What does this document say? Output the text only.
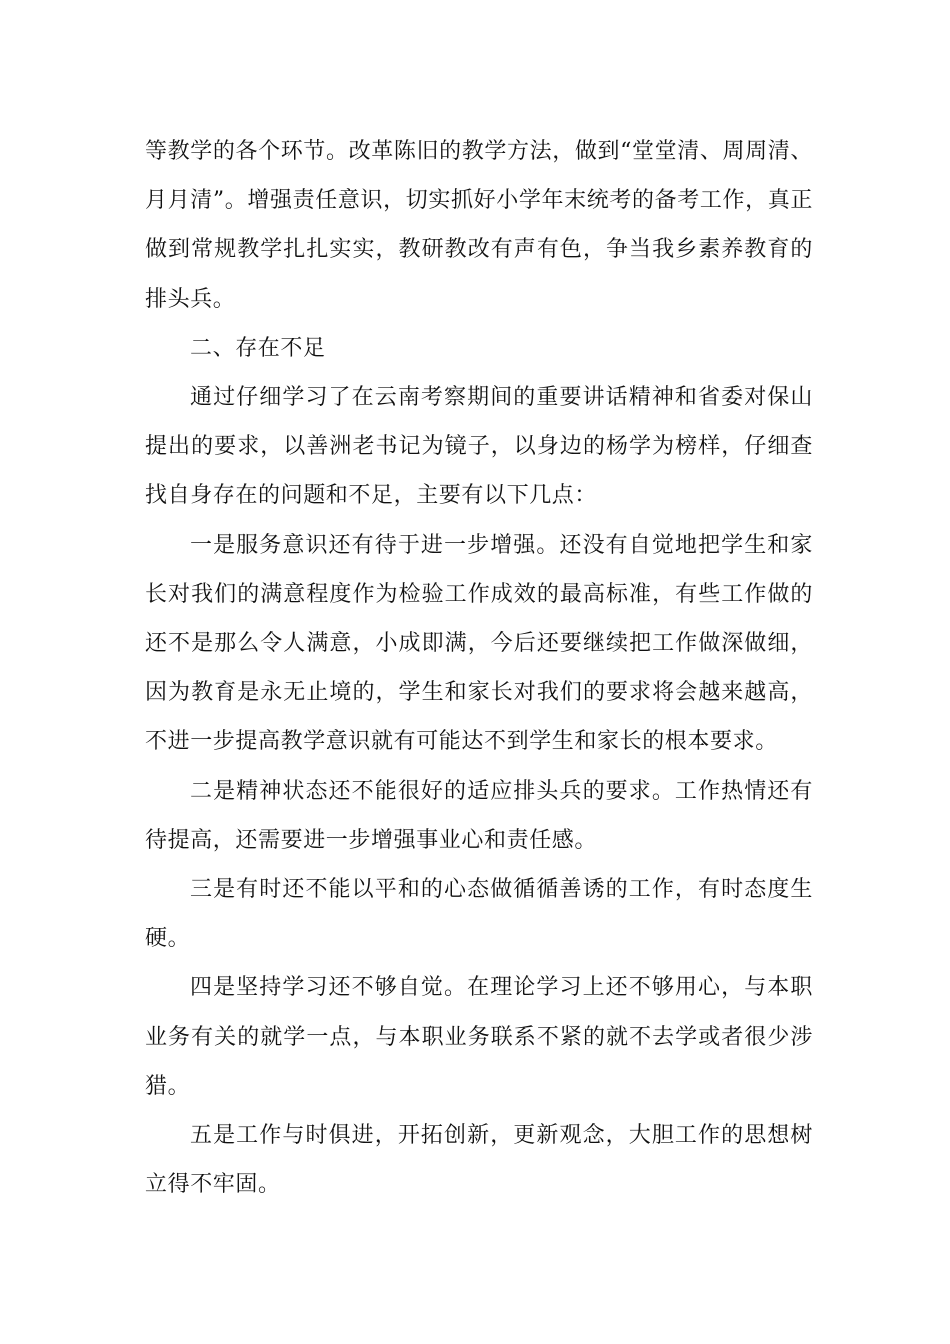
等教学的各个环节。改革陈旧的教学方法，做到“堂堂清、周周清、月月清”。增强责任意识，切实抓好小学年末统考的备考工作，真正做到常规教学扎扎实实，教研教改有声有色，争当我乡素养教育的排头兵。

二、存在不足

通过仔细学习了在云南考察期间的重要讲话精神和省委对保山提出的要求，以善洲老书记为镜子，以身边的杨学为榜样，仔细查找自身存在的问题和不足，主要有以下几点：

一是服务意识还有待于进一步增强。还没有自觉地把学生和家长对我们的满意程度作为检验工作成效的最高标准，有些工作做的还不是那么令人满意，小成即满，今后还要继续把工作做深做细，因为教育是永无止境的，学生和家长对我们的要求将会越来越高，不进一步提高教学意识就有可能达不到学生和家长的根本要求。

二是精神状态还不能很好的适应排头兵的要求。工作热情还有待提高，还需要进一步增强事业心和责任感。

三是有时还不能以平和的心态做循循善诱的工作，有时态度生硬。

四是坚持学习还不够自觉。在理论学习上还不够用心，与本职业务有关的就学一点，与本职业务联系不紧的就不去学或者很少涉猎。

五是工作与时俱进，开拓创新，更新观念，大胆工作的思想树立得不牢固。
